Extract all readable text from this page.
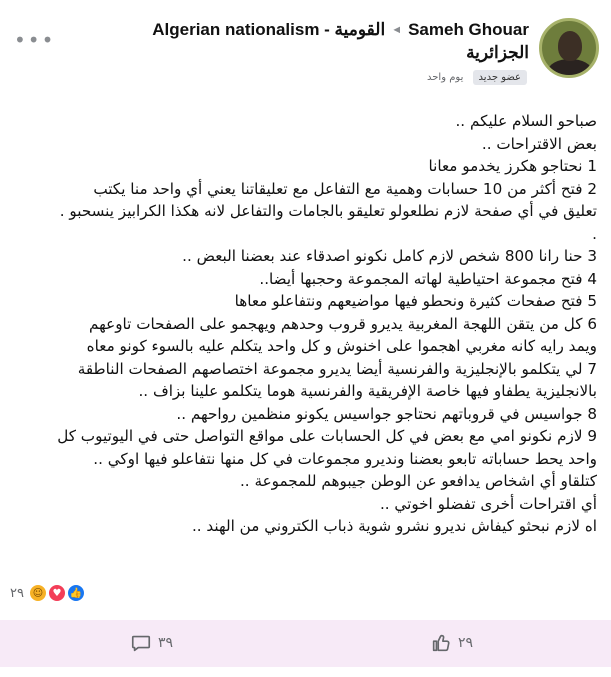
•••	Algerian nationalism - القومية ◄ Sameh Ghouar
الجزائرية
عضو جديد يوم واحد

صباحو السلام عليكم ..

بعض الاقتراحات ..

1 نحتاجو هكرز يخدمو معانا

2 فتح أكثر من 10 حسابات وهمية مع التفاعل مع تعليقاتنا يعني أي واحد منا يكتب

تعليق في أي صفحة لازم نطلعولو تعليقو بالجامات والتفاعل لانه هكذا الكرابيز ينسحبو .

.

3 حنا رانا 800 شخص لازم كامل نكونو اصدقاء عند بعضنا البعض ..

4 فتح مجموعة احتياطية لهاته المجموعة وحجبها أيضا..

5 فتح صفحات كثيرة ونحطو فيها مواضيعهم ونتفاعلو معاها

6 كل من يتقن اللهجة المغربية يديرو قروب وحدهم ويهجمو على الصفحات تاوعهم

ويمد رايه كانه مغربي اهجموا على اخنوش و كل واحد يتكلم عليه بالسوء كونو معاه

7 لي يتكلمو بالإنجليزية والفرنسية أيضا يديرو مجموعة اختصاصهم الصفحات الناطقة

بالانجليزية يطفاو فيها خاصة الإفريقية والفرنسية هوما يتكلمو علينا بزاف ..

8 جواسيس في قروباتهم نحتاجو جواسيس يكونو منظمين رواحهم ..

9 لازم نكونو امي مع بعض في كل الحسابات على مواقع التواصل حتى في اليوتيوب كل

واحد يحط حساباته تابعو بعضنا ونديرو مجموعات في كل منها نتفاعلو فيها اوكي ..

كتلقاو أي اشخاص يدافعو عن الوطن جيبوهم للمجموعة ..

أي اقتراحات أخرى تفضلو اخوتي ..

اه لازم نبحثو كيفاش نديرو نشرو شوية ذباب الكتروني من الهند ..

٢٩ ☺ ♥ 👍
٣٩	٢٩
